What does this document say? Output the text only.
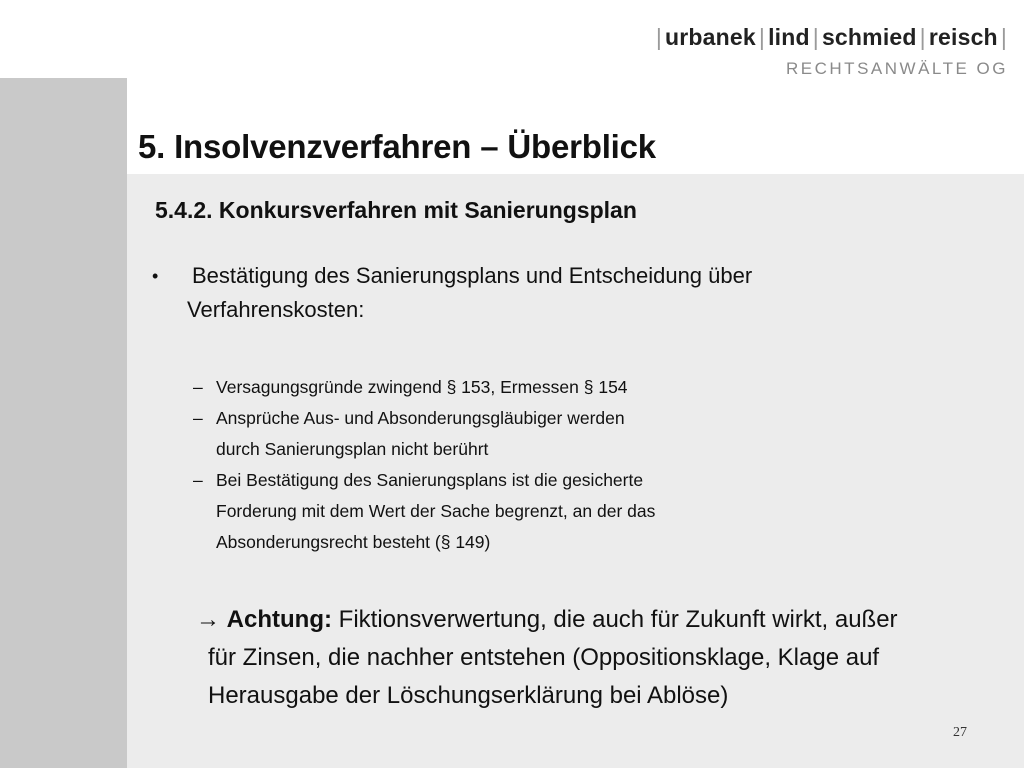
| urbanek | lind | schmied | reisch |
RECHTSANWÄLTE OG
5. Insolvenzverfahren – Überblick
5.4.2. Konkursverfahren mit Sanierungsplan
• Bestätigung des Sanierungsplans und Entscheidung über
Verfahrenskosten:
– Versagungsgründe zwingend § 153, Ermessen § 154
– Ansprüche Aus- und Absonderungsgläubiger werden
durch Sanierungsplan nicht berührt
– Bei Bestätigung des Sanierungsplans ist die gesicherte
Forderung mit dem Wert der Sache begrenzt, an der das
Absonderungsrecht besteht (§ 149)
→ Achtung: Fiktionsverwertung, die auch für Zukunft wirkt, außer
für Zinsen, die nachher entstehen (Oppositionsklage, Klage auf
Herausgabe der Löschungserklärung bei Ablöse)
27
